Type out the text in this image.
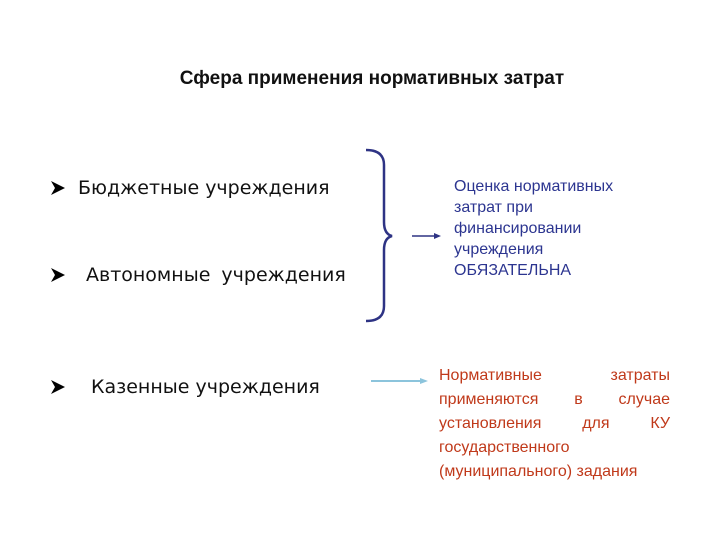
Сфера применения нормативных затрат
Бюджетные учреждения
Автономные учреждения
Казенные учреждения
Оценка нормативных
затрат при
финансировании
учреждения
ОБЯЗАТЕЛЬНА
Нормативные затраты применяются в случае установления для КУ государственного (муниципального) задания
